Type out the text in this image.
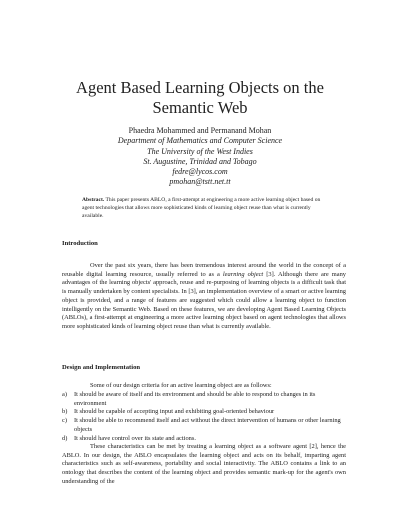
Agent Based Learning Objects on the
Semantic Web
Phaedra Mohammed and Permanand Mohan
Department of Mathematics and Computer Science
The University of the West Indies
St. Augustine, Trinidad and Tobago
fedre@lycos.com
pmohan@tstt.net.tt
Abstract. This paper presents ABLO, a first-attempt at engineering a more active learning object based on agent technologies that allows more sophisticated kinds of learning object reuse than what is currently available.
Introduction
Over the past six years, there has been tremendous interest around the world in the concept of a reusable digital learning resource, usually referred to as a learning object [3]. Although there are many advantages of the learning objects' approach, reuse and re-purposing of learning objects is a difficult task that is manually undertaken by content specialists. In [3], an implementation overview of a smart or active learning object is provided, and a range of features are suggested which could allow a learning object to function intelligently on the Semantic Web. Based on these features, we are developing Agent Based Learning Objects (ABLOs), a first-attempt at engineering a more active learning object based on agent technologies that allows more sophisticated kinds of learning object reuse than what is currently available.
Design and Implementation
Some of our design criteria for an active learning object are as follows:
a) It should be aware of itself and its environment and should be able to respond to changes in its environment
b) It should be capable of accepting input and exhibiting goal-oriented behaviour
c) It should be able to recommend itself and act without the direct intervention of humans or other learning objects
d) It should have control over its state and actions.
These characteristics can be met by treating a learning object as a software agent [2], hence the ABLO. In our design, the ABLO encapsulates the learning object and acts on its behalf, imparting agent characteristics such as self-awareness, portability and social interactivity. The ABLO contains a link to an ontology that describes the content of the learning object and provides semantic mark-up for the agent's own understanding of the
